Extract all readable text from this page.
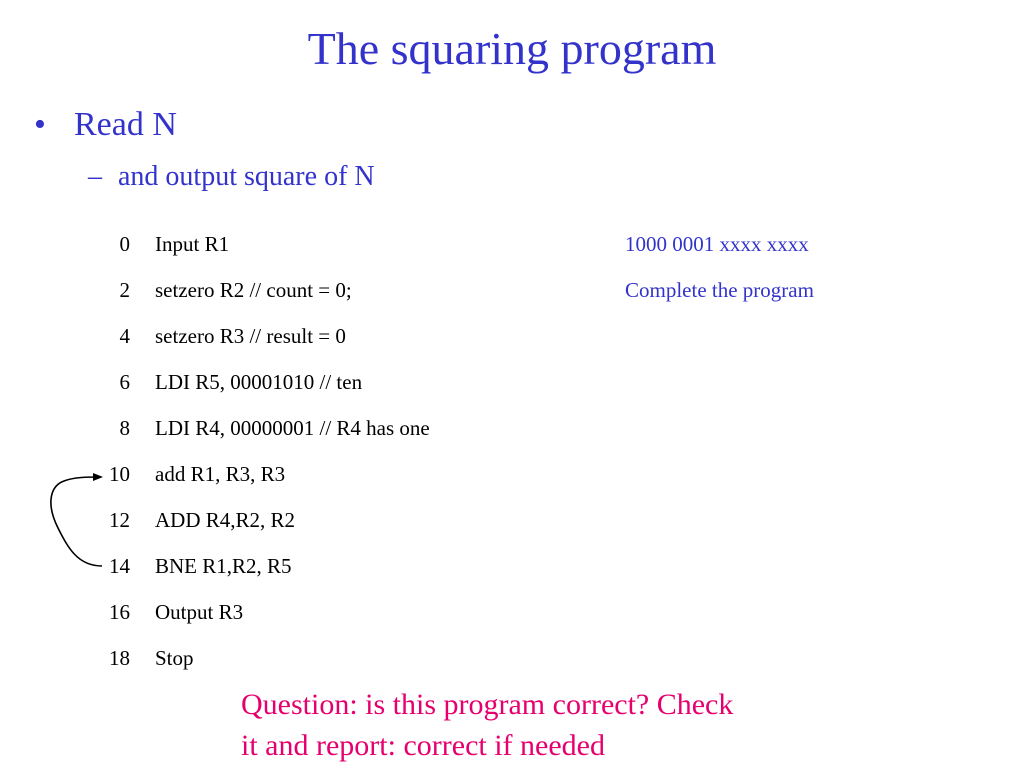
The squaring program
• Read N
– and output square of N
0 Input R1
2 setzero R2 // count = 0;
4 setzero R3 // result = 0
6 LDI R5, 00001010 // ten
8 LDI R4, 00000001 // R4 has one
10 add R1, R3, R3
12 ADD R4,R2, R2
14 BNE R1,R2, R5
16 Output R3
18 Stop
1000 0001 xxxx xxxx
Complete the program
Question: is this program correct? Check
it and report: correct if needed
